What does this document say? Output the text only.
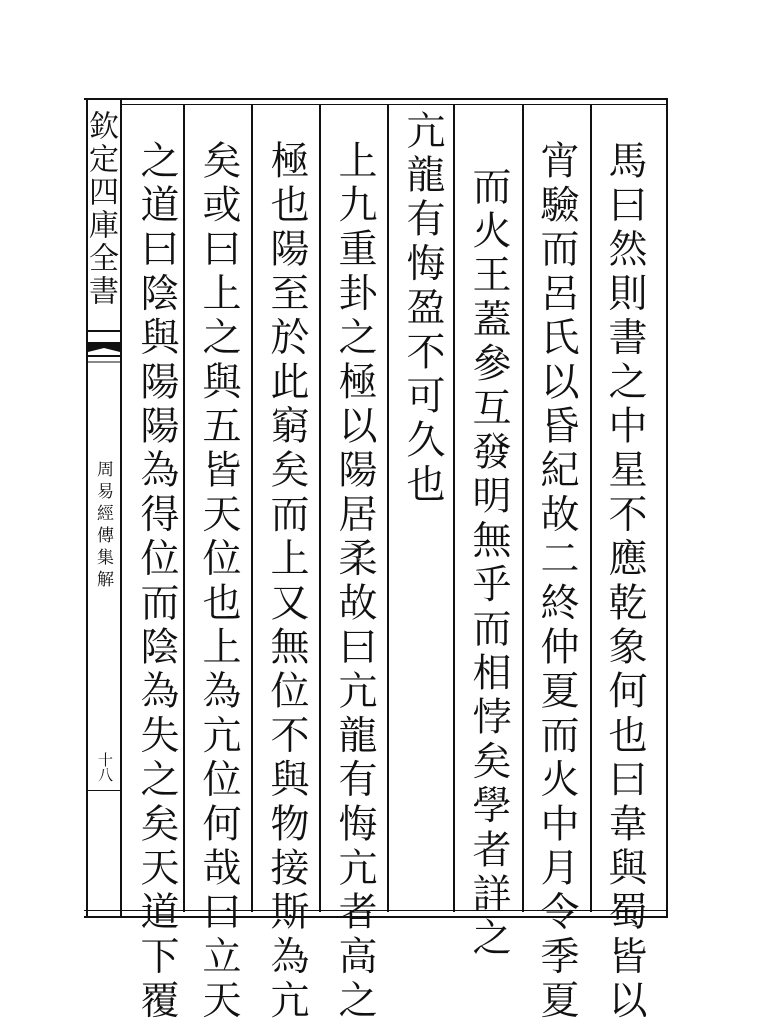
欽定四庫全書
周易經傳集解
十八	馬曰然則書之中星不應乾象何也曰韋與蜀皆以
宵驗而呂氏以昏紀故二終仲夏而火中月令季夏
而火王蓋參互發明無乎而相悖矣學者詳之
亢龍有悔盈不可久也
上九重卦之極以陽居柔故曰亢龍有悔亢者高之
極也陽至於此窮矣而上又無位不與物接斯為亢
矣或曰上之與五皆天位也上為亢位何哉曰立天
之道曰陰與陽陽為得位而陰為失之矣天道下覆
